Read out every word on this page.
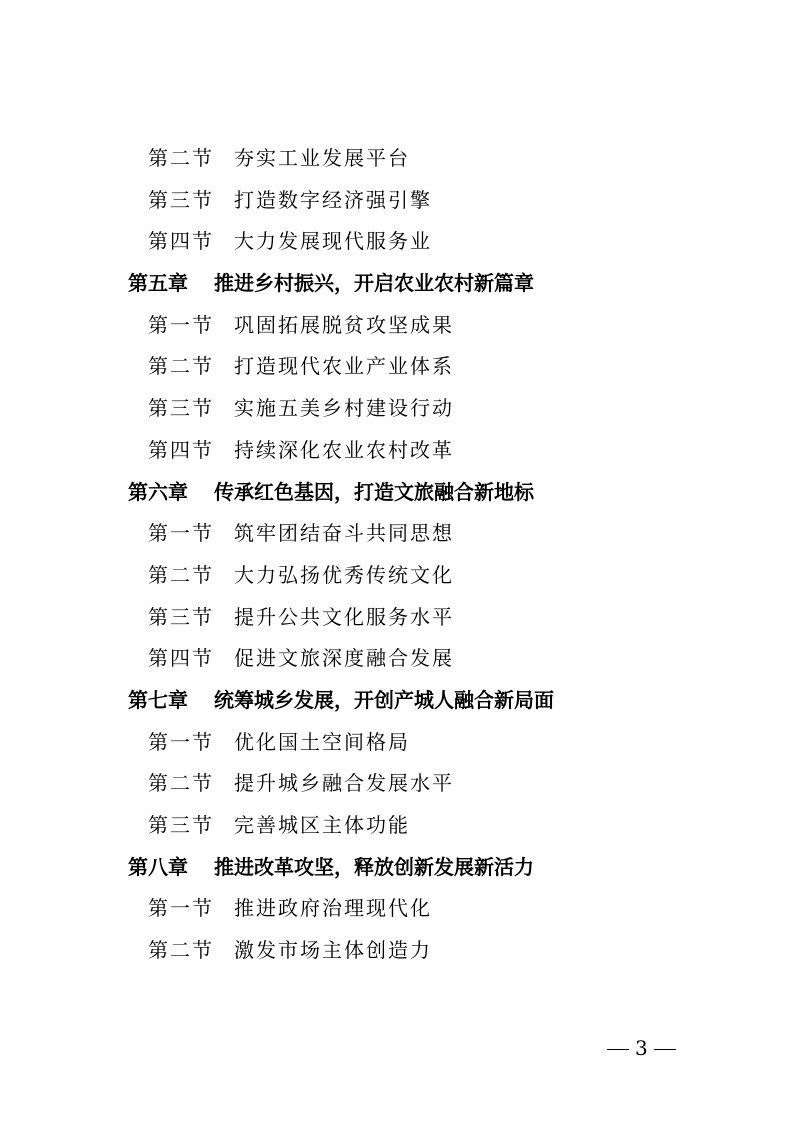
第二节 夯实工业发展平台
第三节 打造数字经济强引擎
第四节 大力发展现代服务业
第五章 推进乡村振兴，开启农业农村新篇章
第一节 巩固拓展脱贫攻坚成果
第二节 打造现代农业产业体系
第三节 实施五美乡村建设行动
第四节 持续深化农业农村改革
第六章 传承红色基因，打造文旅融合新地标
第一节 筑牢团结奋斗共同思想
第二节 大力弘扬优秀传统文化
第三节 提升公共文化服务水平
第四节 促进文旅深度融合发展
第七章 统筹城乡发展，开创产城人融合新局面
第一节 优化国土空间格局
第二节 提升城乡融合发展水平
第三节 完善城区主体功能
第八章 推进改革攻坚，释放创新发展新活力
第一节 推进政府治理现代化
第二节 激发市场主体创造力
3
